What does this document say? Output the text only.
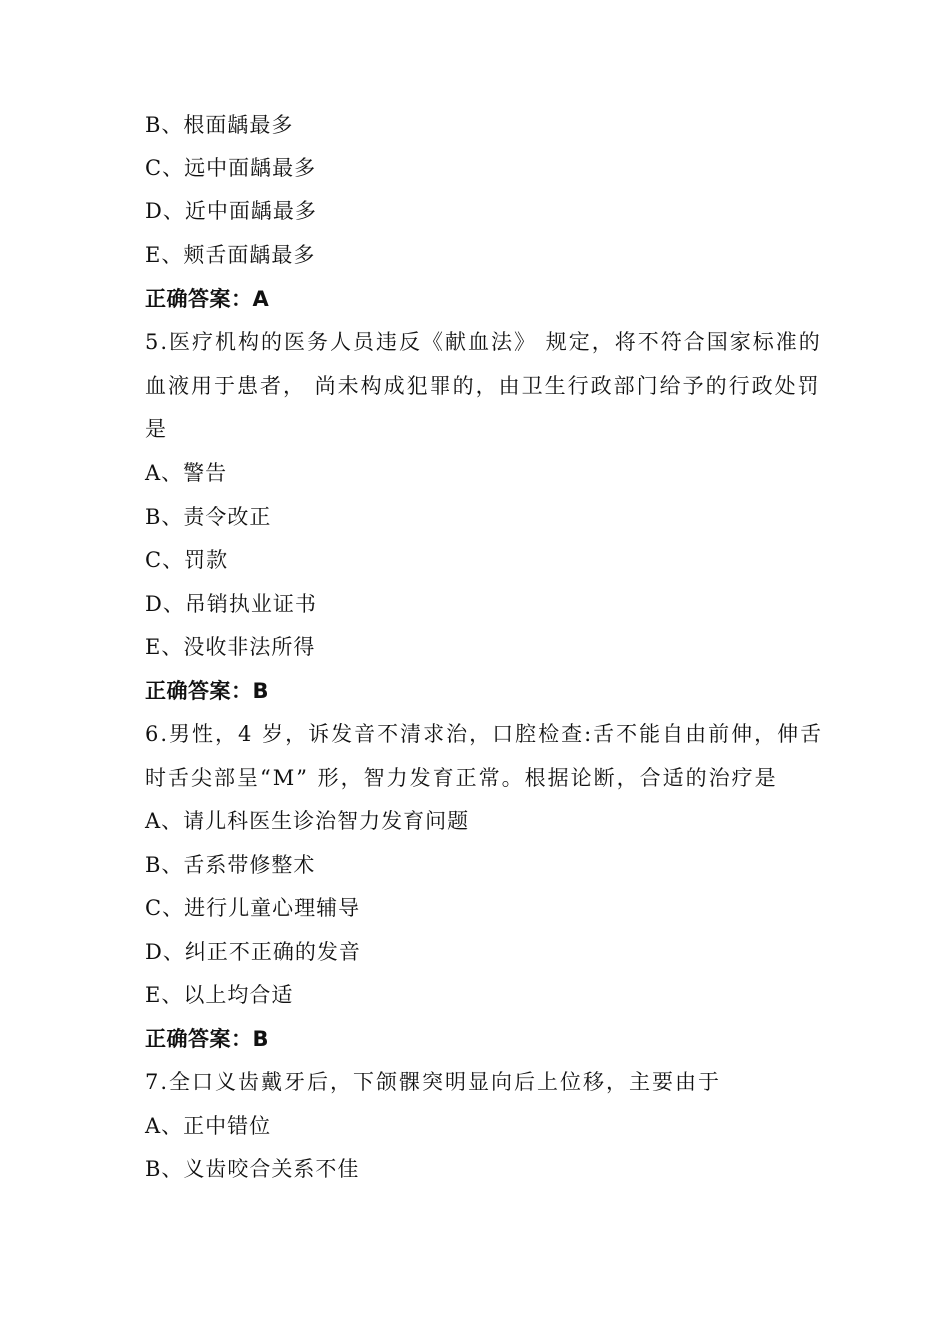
B、根面龋最多
C、远中面龋最多
D、近中面龋最多
E、颊舌面龋最多
正确答案：A
5.医疗机构的医务人员违反《献血法》 规定，将不符合国家标准的
血液用于患者， 尚未构成犯罪的，由卫生行政部门给予的行政处罚
是
A、警告
B、责令改正
C、罚款
D、吊销执业证书
E、没收非法所得
正确答案：B
6.男性，4 岁，诉发音不清求治，口腔检查:舌不能自由前伸，伸舌
时舌尖部呈“M” 形，智力发育正常。根据论断，合适的治疗是
A、请儿科医生诊治智力发育问题
B、舌系带修整术
C、进行儿童心理辅导
D、纠正不正确的发音
E、以上均合适
正确答案：B
7.全口义齿戴牙后，下颌髁突明显向后上位移，主要由于
A、正中错位
B、义齿咬合关系不佳
